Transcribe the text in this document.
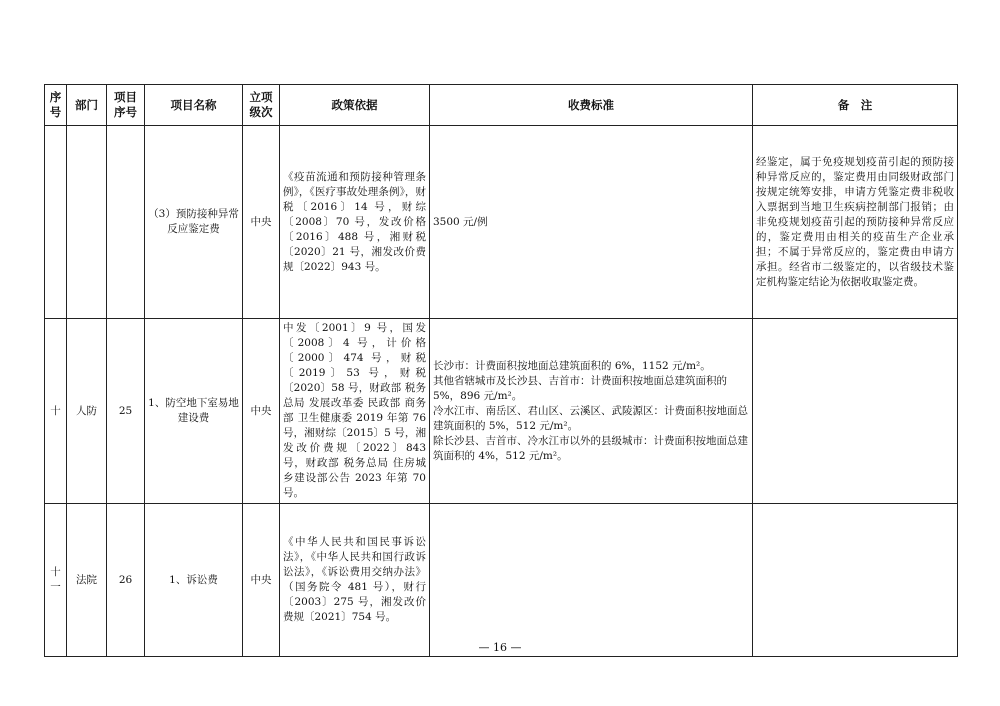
序号	部门	项目序号	项目名称	立项级次	政策依据	收费标准	备　注
			（3）预防接种异常反应鉴定费	中央	《疫苗流通和预防接种管理条例》，《医疗事故处理条例》，财税〔2016〕14 号，财综〔2008〕70 号，发改价格〔2016〕488 号，湘财税〔2020〕21 号，湘发改价费规〔2022〕943 号。	3500 元/例	经鉴定，属于免疫规划疫苗引起的预防接种异常反应的，鉴定费用由同级财政部门按规定统筹安排，申请方凭鉴定费非税收入票据到当地卫生疾病控制部门报销；由非免疫规划疫苗引起的预防接种异常反应的，鉴定费用由相关的疫苗生产企业承担；不属于异常反应的，鉴定费由申请方承担。经省市二级鉴定的，以省级技术鉴定机构鉴定结论为依据收取鉴定费。
十	人防	25	1、防空地下室易地建设费	中央	中发〔2001〕9 号，国发〔2008〕4 号，计价格〔2000〕474 号，财税〔2019〕53 号，财税〔2020〕58 号，财政部 税务总局 发展改革委 民政部 商务部 卫生健康委 2019 年第 76 号，湘财综〔2015〕5 号，湘发改价费规〔2022〕843 号，财政部 税务总局 住房城乡建设部公告 2023 年第 70 号。	长沙市：计费面积按地面总建筑面积的 6%，1152 元/m²。
其他省辖城市及长沙县、吉首市：计费面积按地面总建筑面积的 5%，896 元/m²。
冷水江市、南岳区、君山区、云溪区、武陵源区：计费面积按地面总建筑面积的 5%，512 元/m²。
除长沙县、吉首市、冷水江市以外的县级城市：计费面积按地面总建筑面积的 4%，512 元/m²。	

十一	法院	26	1、诉讼费	中央	《中华人民共和国民事诉讼法》，《中华人民共和国行政诉讼法》，《诉讼费用交纳办法》（国务院令 481 号），财行〔2003〕275 号，湘发改价费规〔2021〕754 号。		
— 16 —
